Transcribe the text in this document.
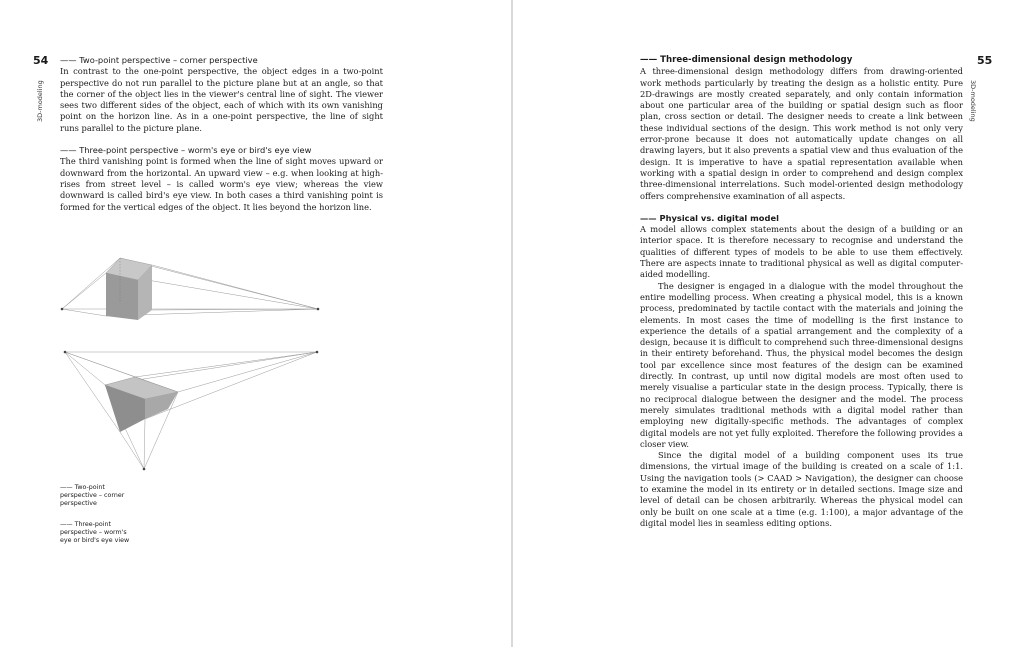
54
3D-modeling
—— Two-point perspective – corner perspective

In contrast to the one-point perspective, the object edges in a two-point perspective do not run parallel to the picture plane but at an angle, so that the corner of the object lies in the viewer's central line of sight. The viewer sees two different sides of the object, each of which with its own vanishing point on the horizon line. As in a one-point perspective, the line of sight runs parallel to the picture plane.

—— Three-point perspective – worm's eye or bird's eye view

The third vanishing point is formed when the line of sight moves upward or downward from the horizontal. An upward view – e.g. when looking at high-rises from street level – is called worm's eye view; whereas the view downward is called bird's eye view. In both cases a third vanishing point is formed for the vertical edges of the object. It lies beyond the horizon line.

—— Two-point perspective – corner perspective
—— Three-point perspective – worm's eye or bird's eye view
55
3D-modeling
—— Three-dimensional design methodology

A three-dimensional design methodology differs from drawing-oriented work methods particularly by treating the design as a holistic entity. Pure 2D-drawings are mostly created separately, and only contain information about one particular area of the building or spatial design such as floor plan, cross section or detail. The designer needs to create a link between these individual sections of the design. This work method is not only very error-prone because it does not automatically update changes on all drawing layers, but it also prevents a spatial view and thus evaluation of the design. It is imperative to have a spatial representation available when working with a spatial design in order to comprehend and design complex three-dimensional interrelations. Such model-oriented design methodology offers comprehensive examination of all aspects.

—— Physical vs. digital model

A model allows complex statements about the design of a building or an interior space. It is therefore necessary to recognise and understand the qualities of different types of models to be able to use them effectively. There are aspects innate to traditional physical as well as digital computer-aided modelling.

The designer is engaged in a dialogue with the model throughout the entire modelling process. When creating a physical model, this is a known process, predominated by tactile contact with the materials and joining the elements. In most cases the time of modelling is the first instance to experience the details of a spatial arrangement and the complexity of a design, because it is difficult to comprehend such three-dimensional designs in their entirety beforehand. Thus, the physical model becomes the design tool par excellence since most features of the design can be examined directly. In contrast, up until now digital models are most often used to merely visualise a particular state in the design process. Typically, there is no reciprocal dialogue between the designer and the model. The process merely simulates traditional methods with a digital model rather than employing new digitally-specific methods. The advantages of complex digital models are not yet fully exploited. Therefore the following provides a closer view.

Since the digital model of a building component uses its true dimensions, the virtual image of the building is created on a scale of 1:1. Using the navigation tools (> CAAD > Navigation), the designer can choose to examine the model in its entirety or in detailed sections. Image size and level of detail can be chosen arbitrarily. Whereas the physical model can only be built on one scale at a time (e.g. 1:100), a major advantage of the digital model lies in seamless editing options.
